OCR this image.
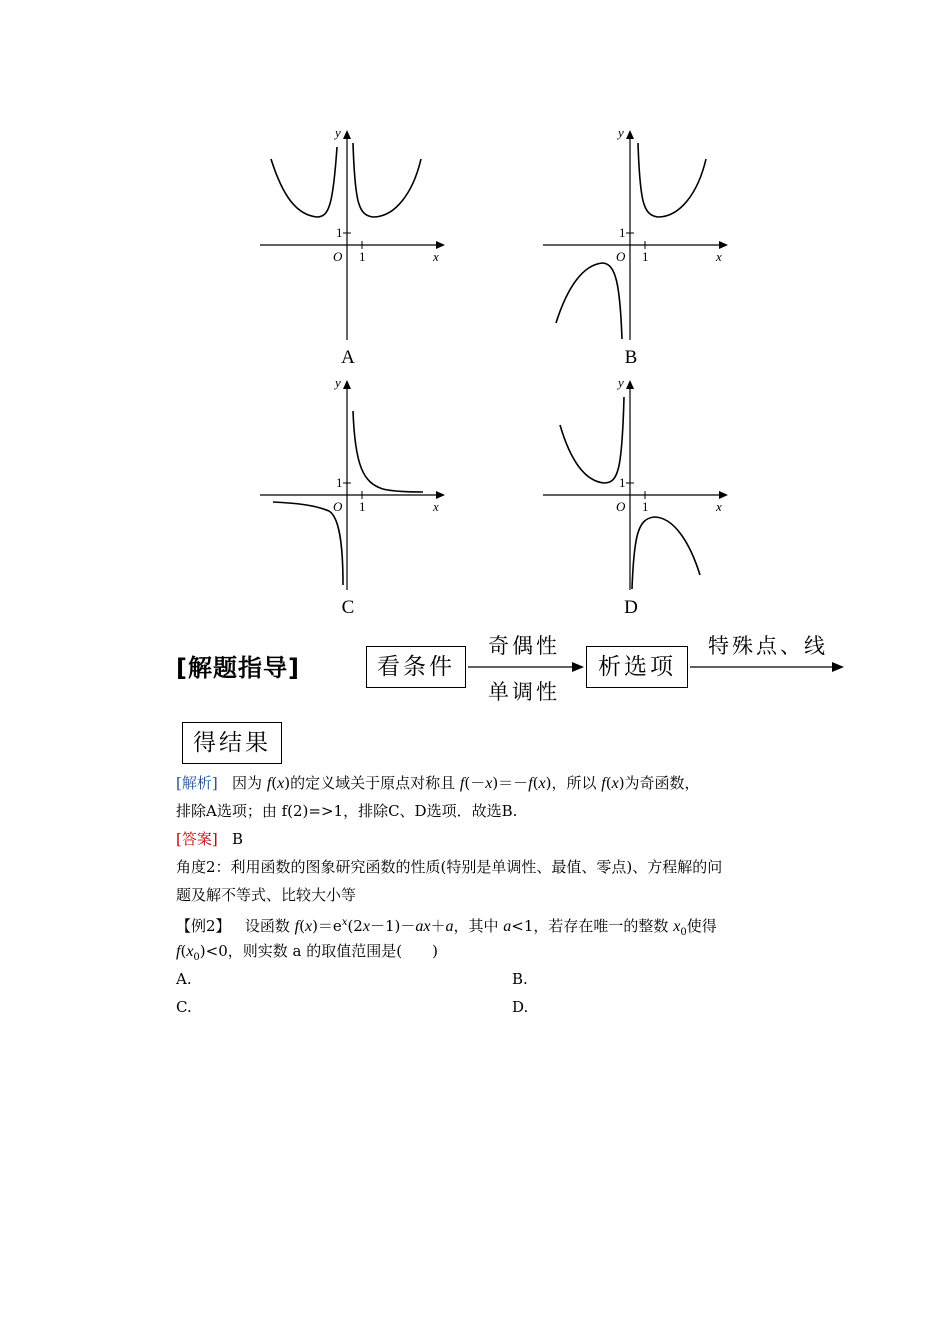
y
x
O 1
1
A
y
x
O 1
1
B
y
x
O 1
1
C
y
x
O 1
1
D
[解题指导]	看条件
奇偶性
单调性
析选项
特殊点、线
得结果
[解析] 因为 f(x)的定义域关于原点对称且 f(－x)＝－f(x)，所以 f(x)为奇函数，
排除A选项；由 f(2)=>1，排除C、D选项．故选B.
[答案] B
角度2：利用函数的图象研究函数的性质(特别是单调性、最值、零点)、方程解的问
题及解不等式、比较大小等
【例2】 设函数 $f(x)=e^x(2x-1)-ax+a$，其中 a<1，若存在唯一的整数 $x_0$使得
$f(x_0)<0$，则实数 a 的取值范围是(　　)
A.	B.
C.	D.
